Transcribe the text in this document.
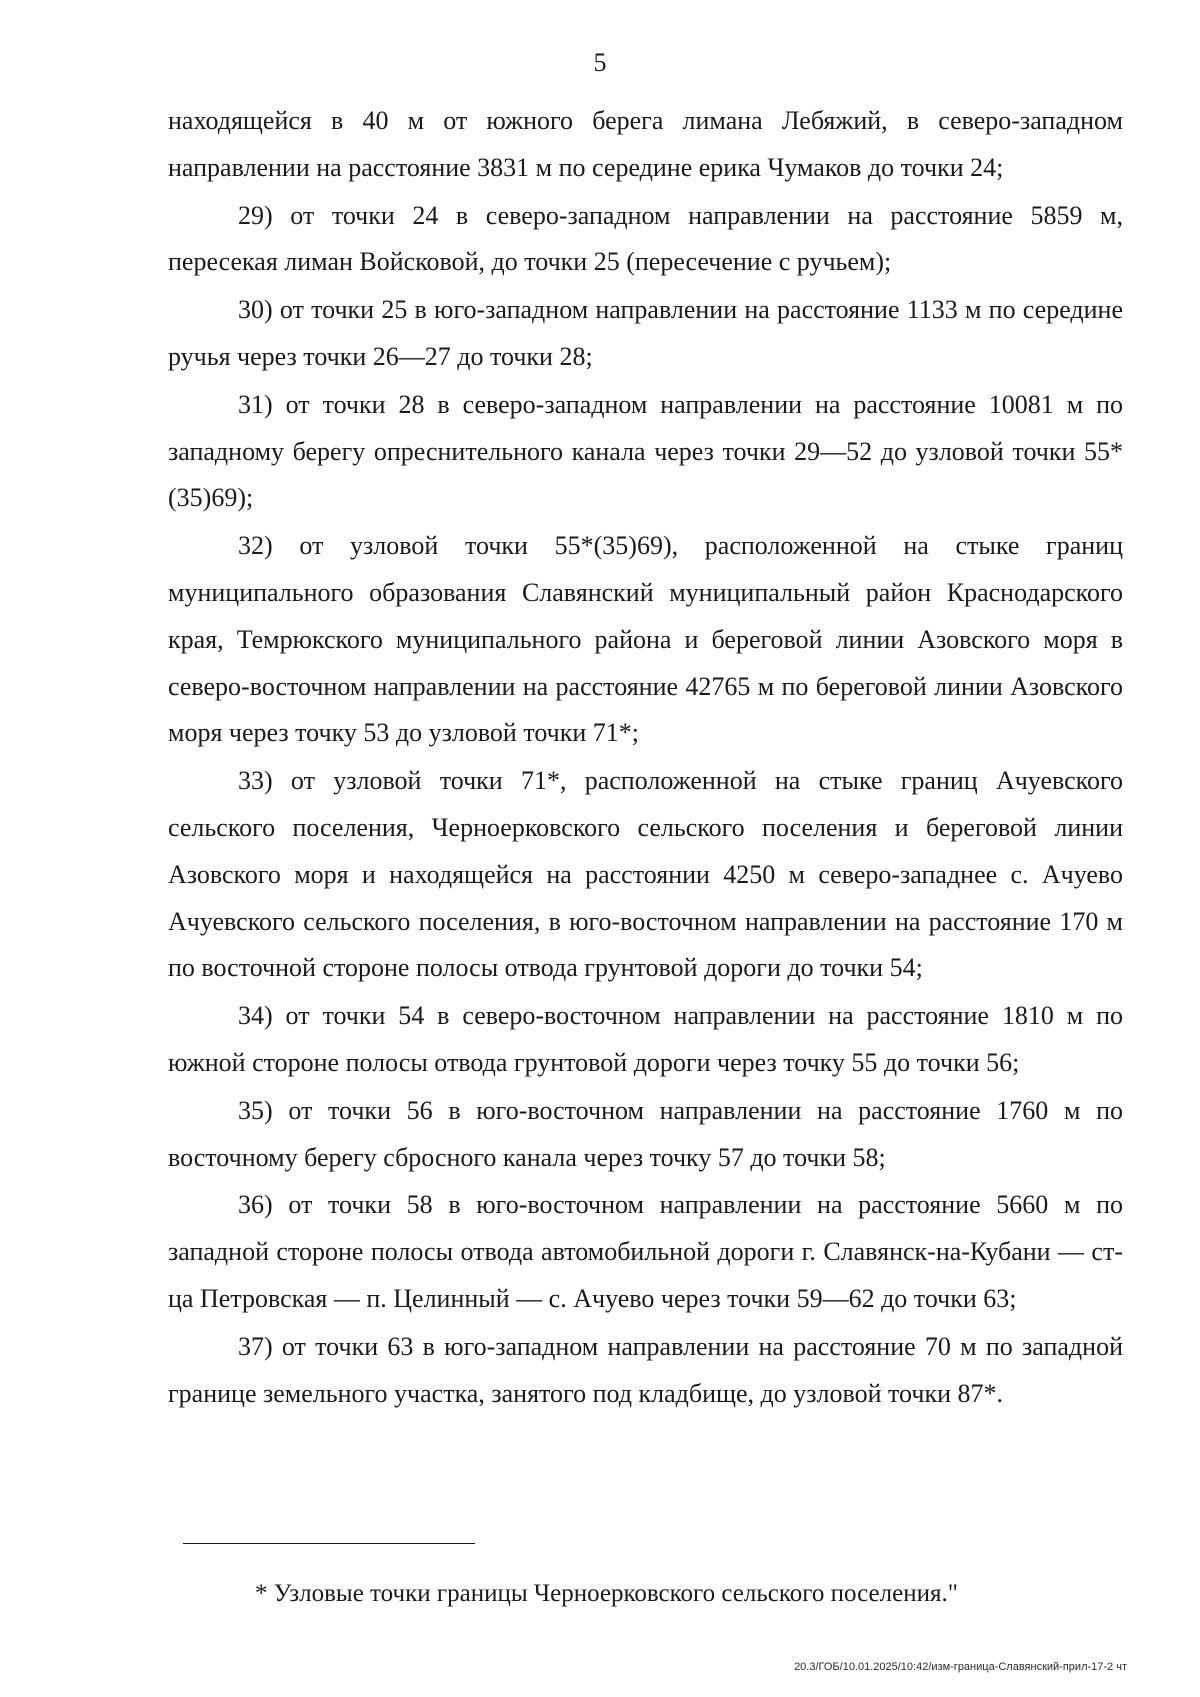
5

находящейся в 40 м от южного берега лимана Лебяжий, в северо-западном направлении на расстояние 3831 м по середине ерика Чумаков до точки 24;

29) от точки 24 в северо-западном направлении на расстояние 5859 м, пересекая лиман Войсковой, до точки 25 (пересечение с ручьем);

30) от точки 25 в юго-западном направлении на расстояние 1133 м по середине ручья через точки 26—27 до точки 28;

31) от точки 28 в северо-западном направлении на расстояние 10081 м по западному берегу опреснительного канала через точки 29—52 до узловой точки 55*(35)69);

32) от узловой точки 55*(35)69), расположенной на стыке границ муниципального образования Славянский муниципальный район Краснодарского края, Темрюкского муниципального района и береговой линии Азовского моря в северо-восточном направлении на расстояние 42765 м по береговой линии Азовского моря через точку 53 до узловой точки 71*;

33) от узловой точки 71*, расположенной на стыке границ Ачуевского сельского поселения, Черноерковского сельского поселения и береговой линии Азовского моря и находящейся на расстоянии 4250 м северо-западнее с. Ачуево Ачуевского сельского поселения, в юго-восточном направлении на расстояние 170 м по восточной стороне полосы отвода грунтовой дороги до точки 54;

34) от точки 54 в северо-восточном направлении на расстояние 1810 м по южной стороне полосы отвода грунтовой дороги через точку 55 до точки 56;

35) от точки 56 в юго-восточном направлении на расстояние 1760 м по восточному берегу сбросного канала через точку 57 до точки 58;

36) от точки 58 в юго-восточном направлении на расстояние 5660 м по западной стороне полосы отвода автомобильной дороги г. Славянск-на-Кубани — ст-ца Петровская — п. Целинный — с. Ачуево через точки 59—62 до точки 63;

37) от точки 63 в юго-западном направлении на расстояние 70 м по западной границе земельного участка, занятого под кладбище, до узловой точки 87*.

* Узловые точки границы Черноерковского сельского поселения."
20.3/ГОБ/10.01.2025/10:42/изм-граница-Славянский-прил-17-2 чт
